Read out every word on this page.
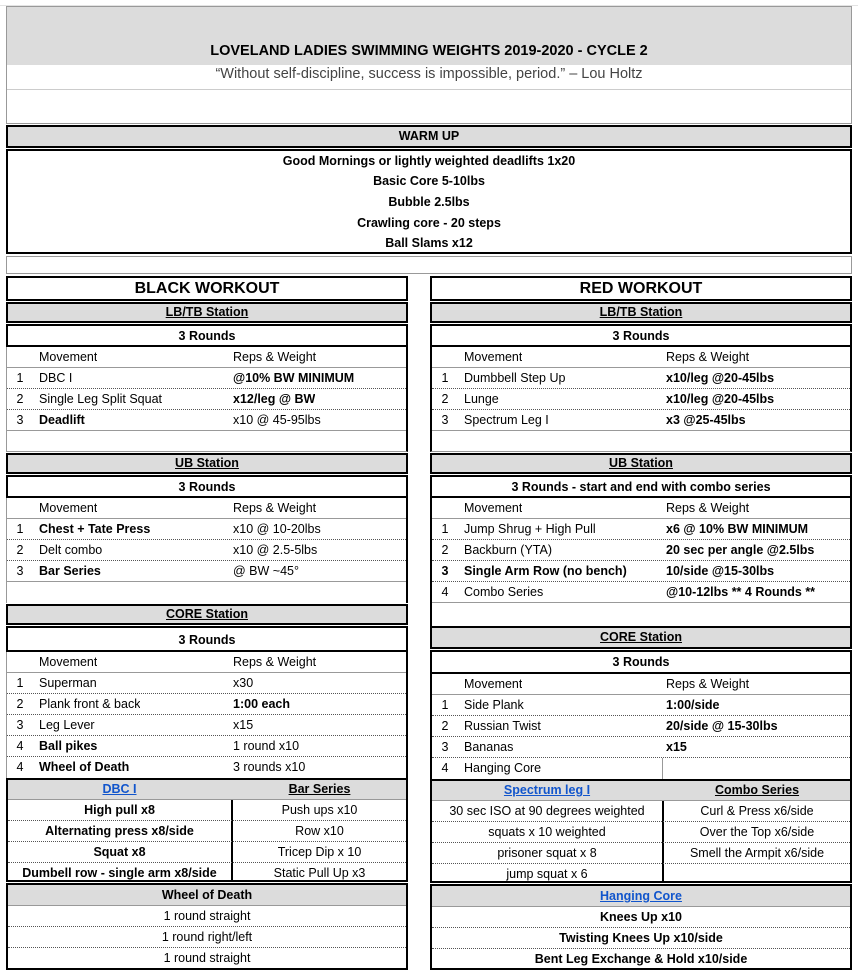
LOVELAND LADIES SWIMMING WEIGHTS 2019-2020 - CYCLE 2
“Without self-discipline, success is impossible, period.” – Lou Holtz
WARM UP
Good Mornings or lightly weighted deadlifts 1x20
Basic Core 5-10lbs
Bubble 2.5lbs
Crawling core - 20 steps
Ball Slams x12
BLACK WORKOUT
LB/TB Station
3 Rounds
Movement	Reps & Weight
1	DBC I	@10% BW MINIMUM
2	Single Leg Split Squat	x12/leg @ BW
3	Deadlift	x10 @ 45-95lbs
UB Station
3 Rounds
Movement	Reps & Weight
1	Chest + Tate Press	x10 @ 10-20lbs
2	Delt combo	x10 @ 2.5-5lbs
3	Bar Series	@ BW ~45°
CORE Station
3 Rounds
Movement	Reps & Weight
1	Superman	x30
2	Plank front & back	1:00 each
3	Leg Lever	x15
4	Ball pikes	1 round x10
4	Wheel of Death	3 rounds x10
DBC I	Bar Series
High pull x8	Push ups x10
Alternating press x8/side	Row x10
Squat x8	Tricep Dip x 10
Dumbell row - single arm x8/side	Static Pull Up x3
Wheel of Death
1 round straight
1 round right/left
1 round straight
RED WORKOUT
LB/TB Station
3 Rounds
Movement	Reps & Weight
1	Dumbbell Step Up	x10/leg @20-45lbs
2	Lunge	x10/leg @20-45lbs
3	Spectrum Leg I	x3 @25-45lbs
UB Station
3 Rounds - start and end with combo series
Movement	Reps & Weight
1	Jump Shrug + High Pull	x6 @ 10% BW MINIMUM
2	Backburn (YTA)	20 sec per angle @2.5lbs
3	Single Arm Row (no bench)	10/side @15-30lbs
4	Combo Series	@10-12lbs ** 4 Rounds **
CORE Station
3 Rounds
Movement	Reps & Weight
1	Side Plank	1:00/side
2	Russian Twist	20/side @ 15-30lbs
3	Bananas	x15
4	Hanging Core
Spectrum leg I	Combo Series
30 sec ISO at 90 degrees weighted	Curl & Press x6/side
squats x 10 weighted	Over the Top x6/side
prisoner squat x 8	Smell the Armpit x6/side
jump squat x 6
Hanging Core
Knees Up x10
Twisting Knees Up x10/side
Bent Leg Exchange & Hold x10/side
